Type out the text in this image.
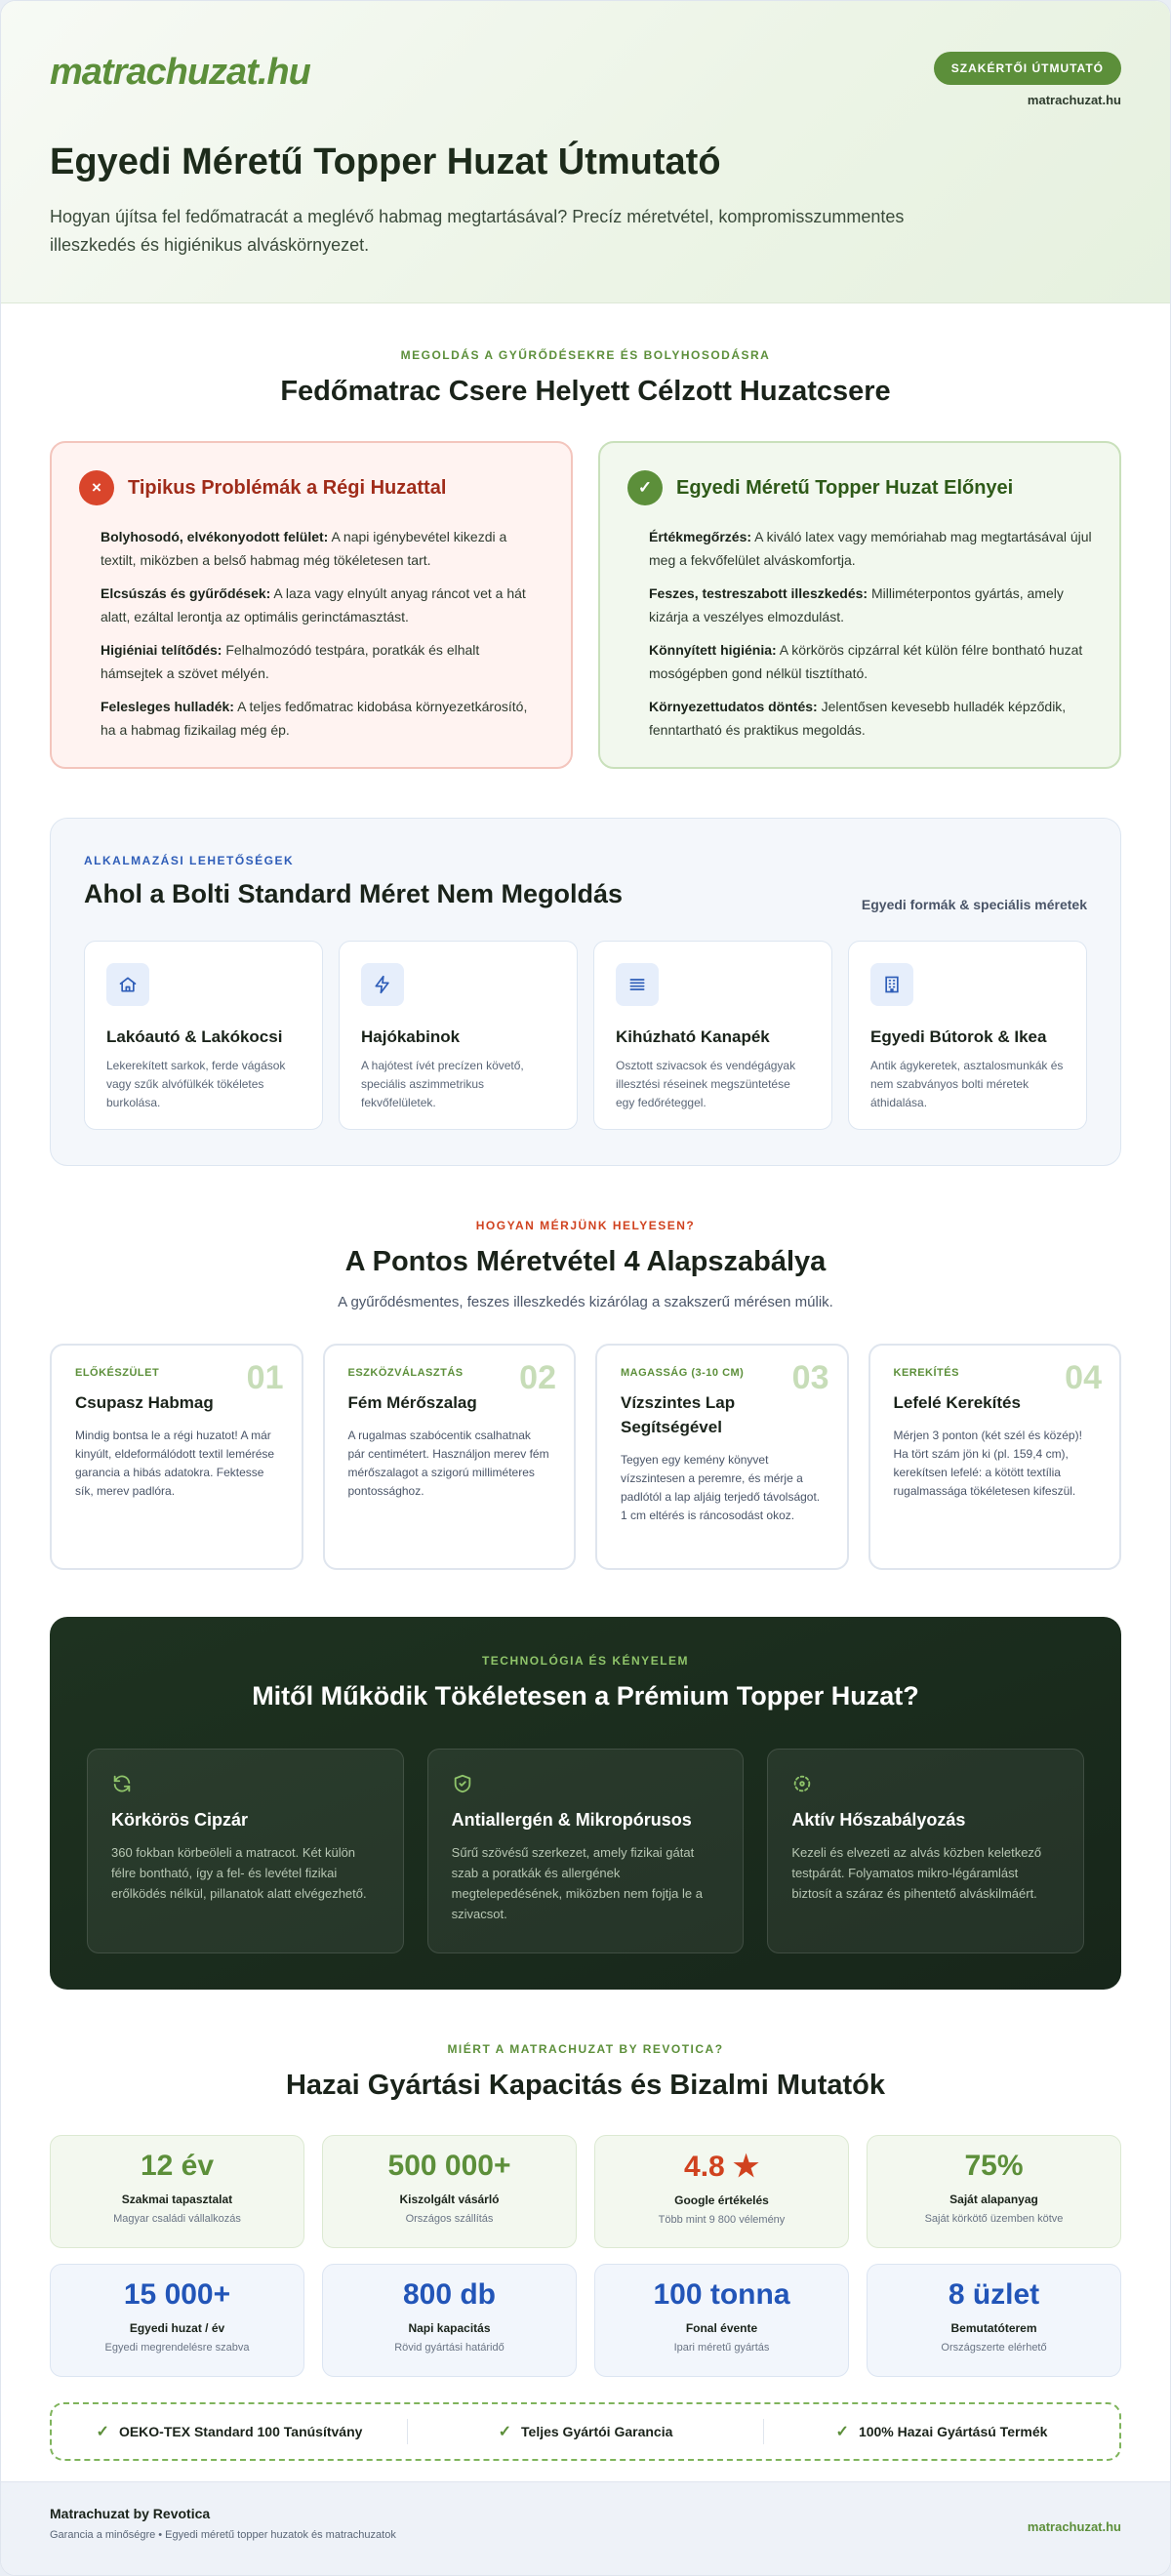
matrachuzat.hu	SZAKÉRTŐI ÚTMUTATÓ
matrachuzat.hu
Egyedi Méretű Topper Huzat Útmutató

Hogyan újítsa fel fedőmatracát a meglévő habmag megtartásával? Precíz méretvétel, kompromisszummentes illeszkedés és higiénikus alváskörnyezet.

MEGOLDÁS A GYŰRŐDÉSEKRE ÉS BOLYHOSODÁSRA
Fedőmatrac Csere Helyett Célzott Huzatcsere
×	Tipikus Problémák a Régi Huzattal
Bolyhosodó, elvékonyodott felület: A napi igénybevétel kikezdi a textilt, miközben a belső habmag még tökéletesen tart.
Elcsúszás és gyűrődések: A laza vagy elnyúlt anyag ráncot vet a hát alatt, ezáltal lerontja az optimális gerinctámasztást.
Higiéniai telítődés: Felhalmozódó testpára, poratkák és elhalt hámsejtek a szövet mélyén.
Felesleges hulladék: A teljes fedőmatrac kidobása környezetkárosító, ha a habmag fizikailag még ép.
✓	Egyedi Méretű Topper Huzat Előnyei
Értékmegőrzés: A kiváló latex vagy memóriahab mag megtartásával újul meg a fekvőfelület alváskomfortja.
Feszes, testreszabott illeszkedés: Milliméterpontos gyártás, amely kizárja a veszélyes elmozdulást.
Könnyített higiénia: A körkörös cipzárral két külön félre bontható huzat mosógépben gond nélkül tisztítható.
Környezettudatos döntés: Jelentősen kevesebb hulladék képződik, fenntartható és praktikus megoldás.
ALKALMAZÁSI LEHETŐSÉGEK
Ahol a Bolti Standard Méret Nem Megoldás	Egyedi formák & speciális méretek
Lakóautó & Lakókocsi

Lekerekített sarkok, ferde vágások vagy szűk alvófülkék tökéletes burkolása.

Hajókabinok

A hajótest ívét precízen követő, speciális aszimmetrikus fekvőfelületek.

Kihúzható Kanapék

Osztott szivacsok és vendégágyak illesztési réseinek megszüntetése egy fedőréteggel.

Egyedi Bútorok & Ikea

Antik ágykeretek, asztalosmunkák és nem szabványos bolti méretek áthidalása.

HOGYAN MÉRJÜNK HELYESEN?
A Pontos Méretvétel 4 Alapszabálya
A gyűrődésmentes, feszes illeszkedés kizárólag a szakszerű mérésen múlik.
01
ELŐKÉSZÜLET
Csupasz Habmag

Mindig bontsa le a régi huzatot! A már kinyúlt, eldeformálódott textil lemérése garancia a hibás adatokra. Fektesse sík, merev padlóra.

02
ESZKÖZVÁLASZTÁS
Fém Mérőszalag

A rugalmas szabócentik csalhatnak pár centimétert. Használjon merev fém mérőszalagot a szigorú milliméteres pontossághoz.

03
MAGASSÁG (3-10 CM)
Vízszintes Lap Segítségével

Tegyen egy kemény könyvet vízszintesen a peremre, és mérje a padlótól a lap aljáig terjedő távolságot. 1 cm eltérés is ráncosodást okoz.

04
KEREKÍTÉS
Lefelé Kerekítés

Mérjen 3 ponton (két szél és közép)! Ha tört szám jön ki (pl. 159,4 cm), kerekítsen lefelé: a kötött textília rugalmassága tökéletesen kifeszül.

TECHNOLÓGIA ÉS KÉNYELEM
Mitől Működik Tökéletesen a Prémium Topper Huzat?
Körkörös Cipzár

360 fokban körbeöleli a matracot. Két külön félre bontható, így a fel- és levétel fizikai erőlködés nélkül, pillanatok alatt elvégezhető.

Antiallergén & Mikropórusos

Sűrű szövésű szerkezet, amely fizikai gátat szab a poratkák és allergének megtelepedésének, miközben nem fojtja le a szivacsot.

Aktív Hőszabályozás

Kezeli és elvezeti az alvás közben keletkező testpárát. Folyamatos mikro-légáramlást biztosít a száraz és pihentető alváskilmáért.

MIÉRT A MATRACHUZAT BY REVOTICA?
Hazai Gyártási Kapacitás és Bizalmi Mutatók
12 év
Szakmai tapasztalat
Magyar családi vállalkozás
500 000+
Kiszolgált vásárló
Országos szállítás
4.8 ★
Google értékelés
Több mint 9 800 vélemény
75%
Saját alapanyag
Saját körkötő üzemben kötve
15 000+
Egyedi huzat / év
Egyedi megrendelésre szabva
800 db
Napi kapacitás
Rövid gyártási határidő
100 tonna
Fonal évente
Ipari méretű gyártás
8 üzlet
Bemutatóterem
Országszerte elérhető
✓ OEKO-TEX Standard 100 Tanúsítvány	✓ Teljes Gyártói Garancia	✓ 100% Hazai Gyártású Termék
Matrachuzat by Revotica
Garancia a minőségre • Egyedi méretű topper huzatok és matrachuzatok
matrachuzat.hu
